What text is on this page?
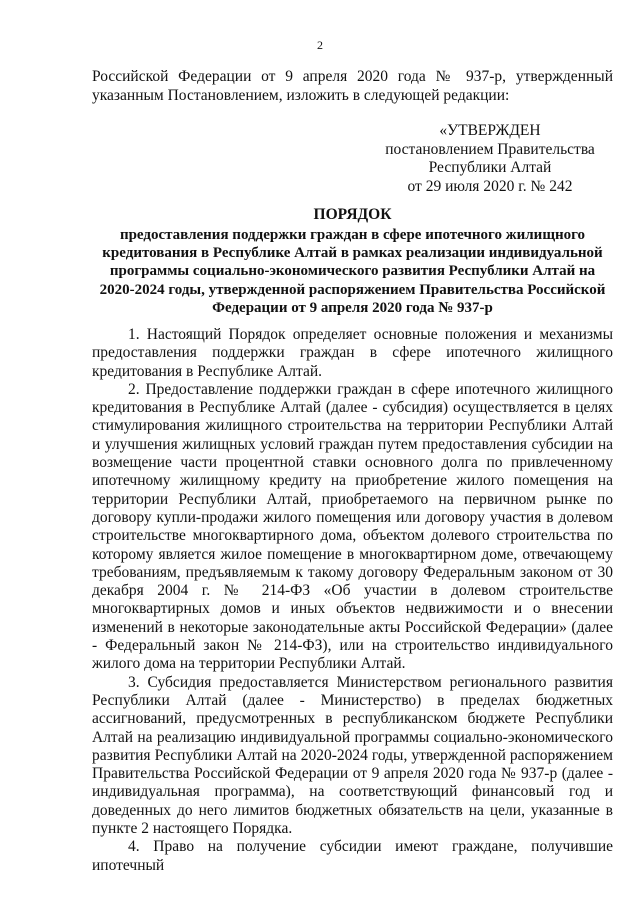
2

Российской Федерации от 9 апреля 2020 года № 937-р, утвержденный указанным Постановлением, изложить в следующей редакции:

«УТВЕРЖДЕН
постановлением Правительства
Республики Алтай
от 29 июля 2020 г. № 242
ПОРЯДОК
предоставления поддержки граждан в сфере ипотечного жилищного кредитования в Республике Алтай в рамках реализации индивидуальной программы социально-экономического развития Республики Алтай на 2020-2024 годы, утвержденной распоряжением Правительства Российской Федерации от 9 апреля 2020 года № 937-р

1. Настоящий Порядок определяет основные положения и механизмы предоставления поддержки граждан в сфере ипотечного жилищного кредитования в Республике Алтай.

2. Предоставление поддержки граждан в сфере ипотечного жилищного кредитования в Республике Алтай (далее - субсидия) осуществляется в целях стимулирования жилищного строительства на территории Республики Алтай и улучшения жилищных условий граждан путем предоставления субсидии на возмещение части процентной ставки основного долга по привлеченному ипотечному жилищному кредиту на приобретение жилого помещения на территории Республики Алтай, приобретаемого на первичном рынке по договору купли-продажи жилого помещения или договору участия в долевом строительстве многоквартирного дома, объектом долевого строительства по которому является жилое помещение в многоквартирном доме, отвечающему требованиям, предъявляемым к такому договору Федеральным законом от 30 декабря 2004 г. № 214-ФЗ «Об участии в долевом строительстве многоквартирных домов и иных объектов недвижимости и о внесении изменений в некоторые законодательные акты Российской Федерации» (далее - Федеральный закон № 214-ФЗ), или на строительство индивидуального жилого дома на территории Республики Алтай.

3. Субсидия предоставляется Министерством регионального развития Республики Алтай (далее - Министерство) в пределах бюджетных ассигнований, предусмотренных в республиканском бюджете Республики Алтай на реализацию индивидуальной программы социально-экономического развития Республики Алтай на 2020-2024 годы, утвержденной распоряжением Правительства Российской Федерации от 9 апреля 2020 года № 937-р (далее - индивидуальная программа), на соответствующий финансовый год и доведенных до него лимитов бюджетных обязательств на цели, указанные в пункте 2 настоящего Порядка.

4. Право на получение субсидии имеют граждане, получившие ипотечный
